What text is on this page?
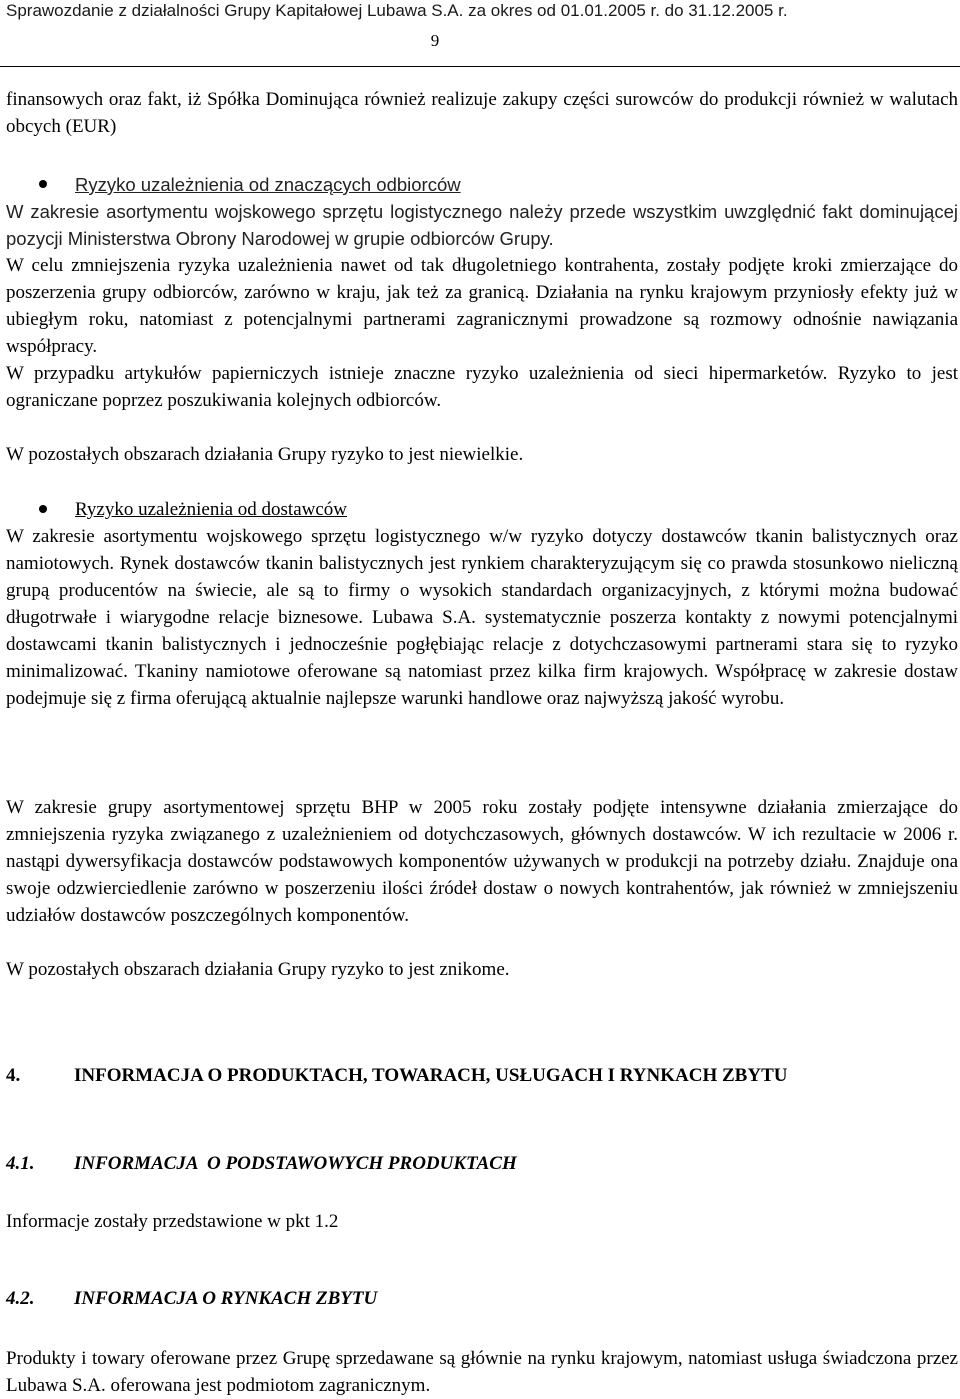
Sprawozdanie z działalności Grupy Kapitałowej Lubawa S.A. za okres od 01.01.2005 r. do 31.12.2005 r.
9

finansowych oraz fakt, iż Spółka Dominująca również realizuje zakupy części surowców do produkcji również w walutach obcych (EUR)

Ryzyko uzależnienia od znaczących odbiorców

W zakresie asortymentu wojskowego sprzętu logistycznego należy przede wszystkim uwzględnić fakt dominującej pozycji Ministerstwa Obrony Narodowej w grupie odbiorców Grupy.

W celu zmniejszenia ryzyka uzależnienia nawet od tak długoletniego kontrahenta, zostały podjęte kroki zmierzające do poszerzenia grupy odbiorców, zarówno w kraju, jak też za granicą. Działania na rynku krajowym przyniosły efekty już w ubiegłym roku, natomiast z potencjalnymi partnerami zagranicznymi prowadzone są rozmowy odnośnie nawiązania współpracy.

W przypadku artykułów papierniczych istnieje znaczne ryzyko uzależnienia od sieci hipermarketów. Ryzyko to jest ograniczane poprzez poszukiwania kolejnych odbiorców.

W pozostałych obszarach działania Grupy ryzyko to jest niewielkie.

Ryzyko uzależnienia od dostawców

W zakresie asortymentu wojskowego sprzętu logistycznego w/w ryzyko dotyczy dostawców tkanin balistycznych oraz namiotowych. Rynek dostawców tkanin balistycznych jest rynkiem charakteryzującym się co prawda stosunkowo nieliczną grupą producentów na świecie, ale są to firmy o wysokich standardach organizacyjnych, z którymi można budować długotrwałe i wiarygodne relacje biznesowe. Lubawa S.A. systematycznie poszerza kontakty z nowymi potencjalnymi dostawcami tkanin balistycznych i jednocześnie pogłębiając relacje z dotychczasowymi partnerami stara się to ryzyko minimalizować. Tkaniny namiotowe oferowane są natomiast przez kilka firm krajowych. Współpracę w zakresie dostaw podejmuje się z firma oferującą aktualnie najlepsze warunki handlowe oraz najwyższą jakość wyrobu.

W zakresie grupy asortymentowej sprzętu BHP w 2005 roku zostały podjęte intensywne działania zmierzające do zmniejszenia ryzyka związanego z uzależnieniem od dotychczasowych, głównych dostawców. W ich rezultacie w 2006 r. nastąpi dywersyfikacja dostawców podstawowych komponentów używanych w produkcji na potrzeby działu. Znajduje ona swoje odzwierciedlenie zarówno w poszerzeniu ilości źródeł dostaw o nowych kontrahentów, jak również w zmniejszeniu udziałów dostawców poszczególnych komponentów.

W pozostałych obszarach działania Grupy ryzyko to jest znikome.

4.	INFORMACJA O PRODUKTACH, TOWARACH, USŁUGACH I RYNKACH ZBYTU
4.1. INFORMACJA  O PODSTAWOWYCH PRODUKTACH

Informacje zostały przedstawione w pkt 1.2

4.2. INFORMACJA O RYNKACH ZBYTU

Produkty i towary oferowane przez Grupę sprzedawane są głównie na rynku krajowym, natomiast usługa świadczona przez Lubawa S.A. oferowana jest podmiotom zagranicznym.
